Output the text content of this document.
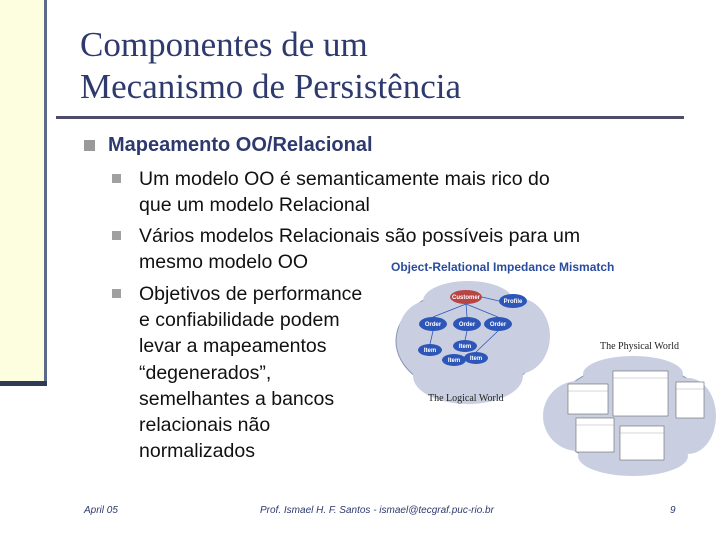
Componentes de um
Mecanismo de Persistência
Mapeamento OO/Relacional
Um modelo OO é semanticamente mais rico do
que um modelo Relacional
Vários modelos Relacionais são possíveis para um
mesmo modelo OO
Objetivos de performance
e confiabilidade podem
levar a mapeamentos
“degenerados”,
semelhantes a bancos
relacionais não
normalizados
Object-Relational Impedance Mismatch
Customer
Profile
Order	Order Order
Item
Item
Item Item
The Logical World
The Physical World
April 05	Prof. Ismael H. F. Santos - ismael@tecgraf.puc-rio.br	9
